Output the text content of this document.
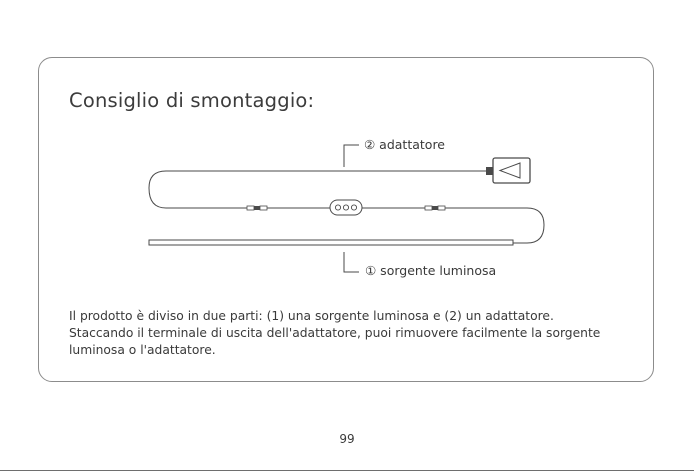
Consiglio di smontaggio:
② adattatore
① sorgente luminosa

Il prodotto è diviso in due parti: (1) una sorgente luminosa e (2) un adattatore.

Staccando il terminale di uscita dell'adattatore, puoi rimuovere facilmente la sorgente luminosa o l'adattatore.

99
